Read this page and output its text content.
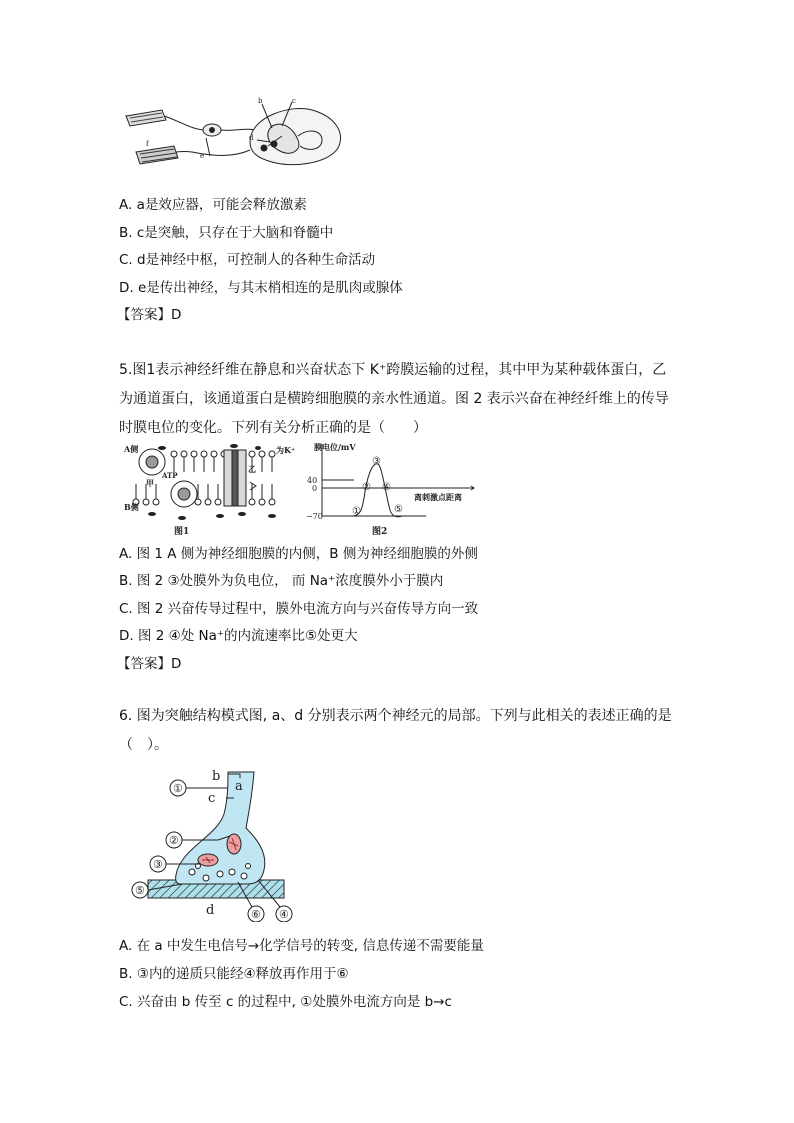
b	c
d
e
f
A. a是效应器，可能会释放激素
B. c是突触，只存在于大脑和脊髓中
C. d是神经中枢，可控制人的各种生命活动
D. e是传出神经，与其末梢相连的是肌肉或腺体
【答案】D
5.图1表示神经纤维在静息和兴奋状态下 K⁺跨膜运输的过程，其中甲为某种载体蛋白，乙为通道蛋白，该通道蛋白是横跨细胞膜的亲水性通道。图 2 表示兴奋在神经纤维上的传导时膜电位的变化。下列有关分析正确的是（　　）
A侧
B侧
为K⁺
ATP
甲
乙
图1
膜电位/mV
40
0
−70
离刺激点距离
①
②
③
④
⑤
图2
A. 图 1 A 侧为神经细胞膜的内侧，B 侧为神经细胞膜的外侧
B. 图 2 ③处膜外为负电位， 而 Na⁺浓度膜外小于膜内
C. 图 2 兴奋传导过程中，膜外电流方向与兴奋传导方向一致
D. 图 2 ④处 Na⁺的内流速率比⑤处更大
【答案】D
6. 图为突触结构模式图, a、d 分别表示两个神经元的局部。下列与此相关的表述正确的是（　）。
①
②
③
④
⑤
⑥
a
b
c
d
A. 在 a 中发生电信号→化学信号的转变, 信息传递不需要能量
B. ③内的递质只能经④释放再作用于⑥
C. 兴奋由 b 传至 c 的过程中, ①处膜外电流方向是 b→c
